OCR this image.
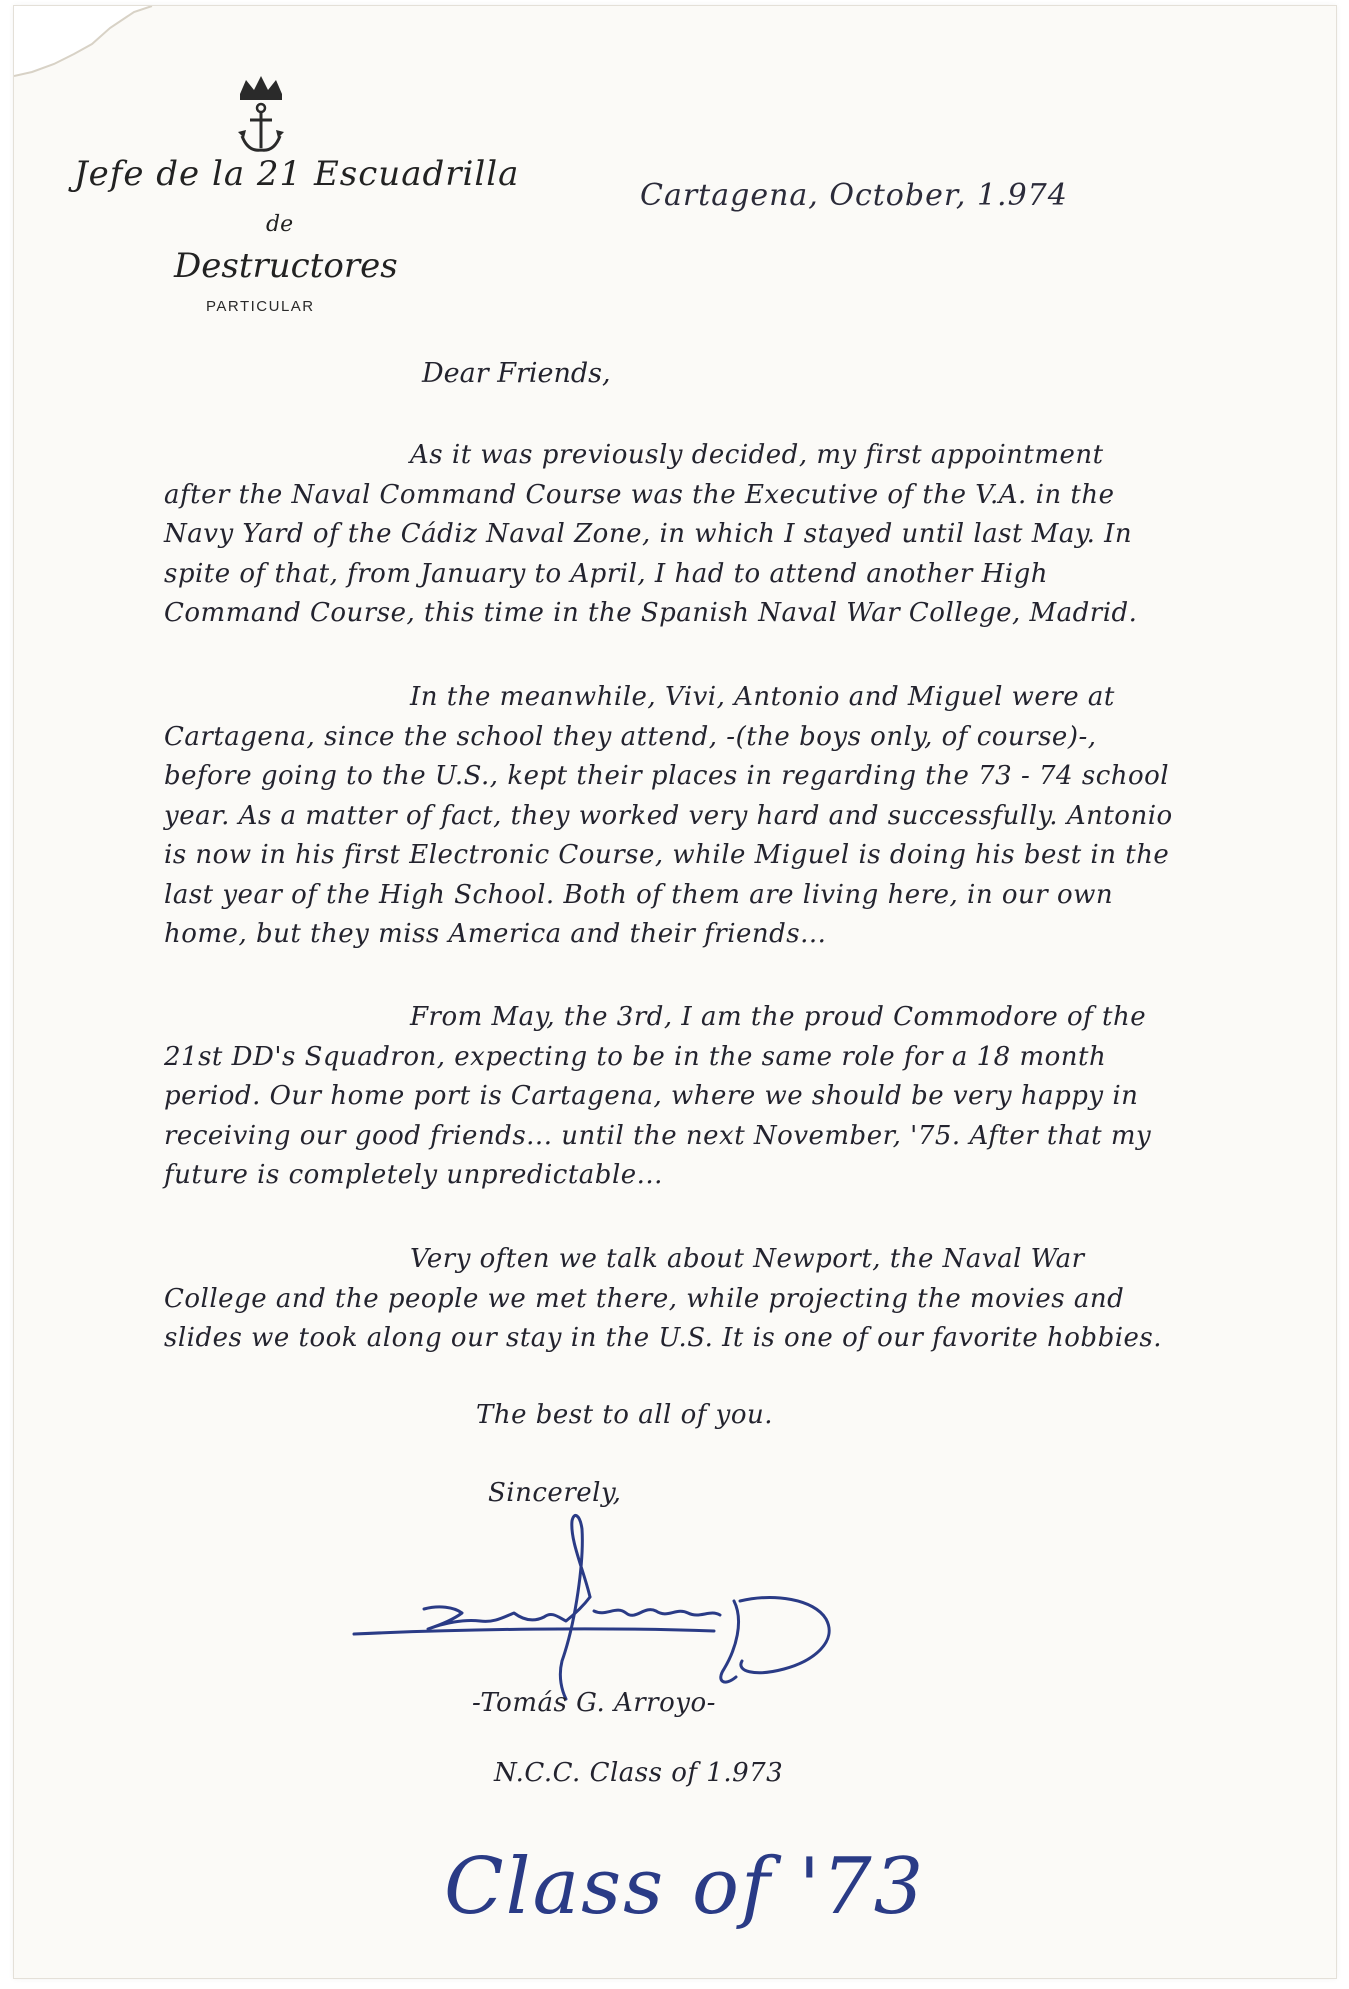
Jefe de la 21 Escuadrilla
de
Destructores
PARTICULAR
Cartagena, October, 1.974
Dear Friends,
As it was previously decided, my first appointment after the Naval Command Course was the Executive of the V.A. in the Navy Yard of the Cádiz Naval Zone, in which I stayed until last May. In spite of that, from January to April, I had to attend another High Command Course, this time in the Spanish Naval War College, Madrid.
In the meanwhile, Vivi, Antonio and Miguel were at Cartagena, since the school they attend, -(the boys only, of course)-, before going to the U.S., kept their places in regarding the 73 - 74 school year. As a matter of fact, they worked very hard and successfully. Antonio is now in his first Electronic Course, while Miguel is doing his best in the last year of the High School. Both of them are living here, in our own home, but they miss America and their friends...
From May, the 3rd, I am the proud Commodore of the 21st DD's Squadron, expecting to be in the same role for a 18 month period. Our home port is Cartagena, where we should be very happy in receiving our good friends... until the next November, '75. After that my future is completely unpredictable...
Very often we talk about Newport, the Naval War College and the people we met there, while projecting the movies and slides we took along our stay in the U.S. It is one of our favorite hobbies.
The best to all of you.
Sincerely,
-Tomás G. Arroyo-
N.C.C. Class of 1.973
Class of '73
